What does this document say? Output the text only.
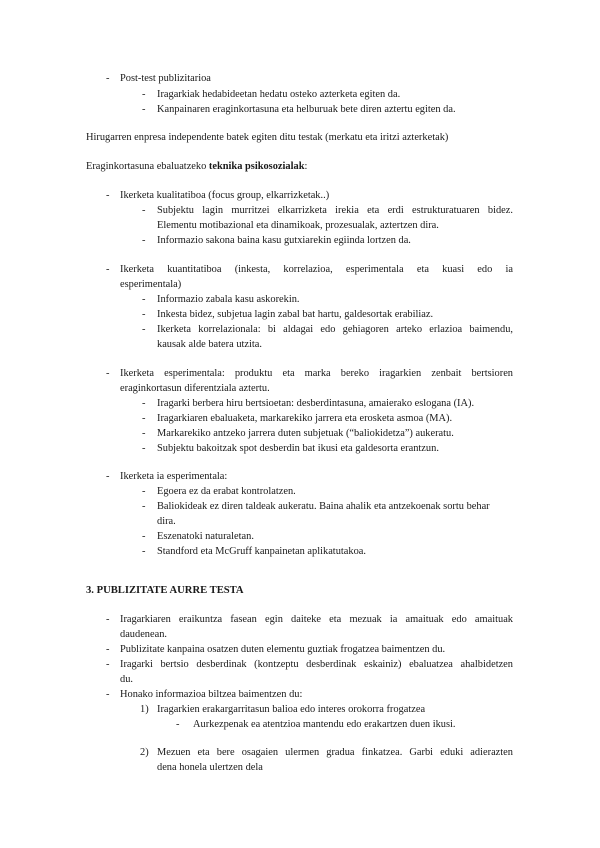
- Post-test publizitarioa
- Iragarkiak hedabideetan hedatu osteko azterketa egiten da.
- Kanpainaren eraginkortasuna eta helburuak bete diren aztertu egiten da.
Hirugarren enpresa independente batek egiten ditu testak (merkatu eta iritzi azterketak)
Eraginkortasuna ebaluatzeko teknika psikosozialak:
- Ikerketa kualitatiboa (focus group, elkarrizketak..)
- Subjektu lagin murritzei elkarrizketa irekia eta erdi estrukturatuaren bidez.
Elementu motibazional eta dinamikoak, prozesualak, aztertzen dira.
- Informazio sakona baina kasu gutxiarekin egiinda lortzen da.
- Ikerketa kuantitatiboa (inkesta, korrelazioa, esperimentala eta kuasi edo ia
esperimentala)
- Informazio zabala kasu askorekin.
- Inkesta bidez, subjetua lagin zabal bat hartu, galdesortak erabiliaz.
- Ikerketa korrelazionala: bi aldagai edo gehiagoren arteko erlazioa baimendu,
kausak alde batera utzita.
- Ikerketa esperimentala: produktu eta marka bereko iragarkien zenbait bertsioren
eraginkortasun diferentziala aztertu.
- Iragarki berbera hiru bertsioetan: desberdintasuna, amaierako esloganа (IA).
- Iragarkiaren ebaluaketa, markarekiko jarrera eta erosketa asmoa (MA).
- Markarekiko antzeko jarrera duten subjetuak (“baliokidetza”) aukeratu.
- Subjektu bakoitzak spot desberdin bat ikusi eta galdesorta erantzun.
- Ikerketa ia esperimentala:
- Egoera ez da erabat kontrolatzen.
- Baliokideak ez diren taldeak aukeratu. Baina ahalik eta antzekoenak sortu behar
dira.
- Eszenatoki naturaletan.
- Standford eta McGruff kanpainetan aplikatutakoa.
3. PUBLIZITATE AURRE TESTA
- Iragarkiaren eraikuntza fasean egin daiteke eta mezuak ia amaituak edo amaituak
daudenean.
- Publizitate kanpaina osatzen duten elementu guztiak frogatzea baimentzen du.
- Iragarki bertsio desberdinak (kontzeptu desberdinak eskainiz) ebaluatzea ahalbidetzen
du.
- Honako informazioa biltzea baimentzen du:
1) Iragarkien erakargarritasun balioa edo interes orokorra frogatzea
- Aurkezpenak ea atentzioa mantendu edo erakartzen duen ikusi.
2) Mezuen eta bere osagaien ulermen gradua finkatzea. Garbi eduki adierazten
dena honela ulertzen dela
